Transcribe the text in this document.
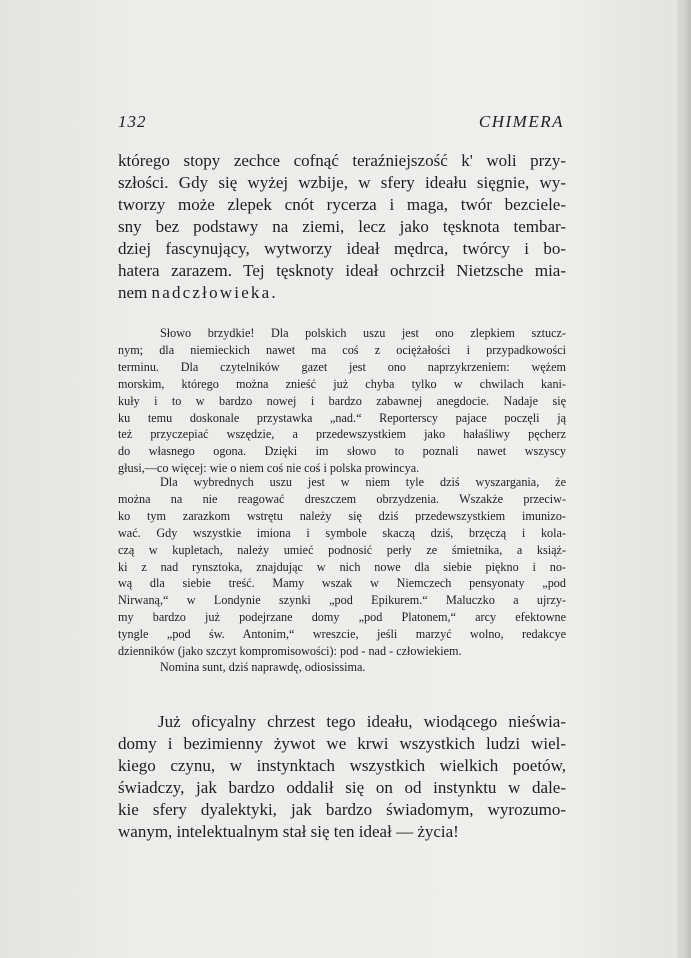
132	CHIMERA
którego stopy zechce cofnąć teraźniejszość k' woli przy-
szłości. Gdy się wyżej wzbije, w sfery ideału sięgnie, wy-
tworzy może zlepek cnót rycerza i maga, twór bezciele-
sny bez podstawy na ziemi, lecz jako tęsknota tembar-
dziej fascynujący, wytworzy ideał mędrca, twórcy i bo-
hatera zarazem. Tej tęsknoty ideał ochrzcił Nietzsche mia-
nem nadczłowieka.
Słowo brzydkie! Dla polskich uszu jest ono zlepkiem sztucz-
nym; dla niemieckich nawet ma coś z ociężałości i przypadkowości
terminu. Dla czytelników gazet jest ono naprzykrzeniem: wężem
morskim, którego można znieść już chyba tylko w chwilach kani-
kuły i to w bardzo nowej i bardzo zabawnej anegdocie. Nadaje się
ku temu doskonale przystawka „nad.“ Reporterscy pajace poczęli ją
też przyczepiać wszędzie, a przedewszystkiem jako hałaśliwy pęcherz
do własnego ogona. Dzięki im słowo to poznali nawet wszyscy
głusi,—co więcej: wie o niem coś nie coś i polska prowincya.
Dla wybrednych uszu jest w niem tyle dziś wyszargania, że
można na nie reagować dreszczem obrzydzenia. Wszakże przeciw-
ko tym zarazkom wstrętu należy się dziś przedewszystkiem imunizo-
wać. Gdy wszystkie imiona i symbole skaczą dziś, brzęczą i kola-
czą w kupletach, należy umieć podnosić perły ze śmietnika, a książ-
ki z nad rynsztoka, znajdując w nich nowe dla siebie piękno i no-
wą dla siebie treść. Mamy wszak w Niemczech pensyonaty „pod
Nirwaną,“ w Londynie szynki „pod Epikurem.“ Maluczko a ujrzy-
my bardzo już podejrzane domy „pod Platonem,“ arcy efektowne
tyngle „pod św. Antonim,“ wreszcie, jeśli marzyć wolno, redakcye
dzienników (jako szczyt kompromisowości): pod - nad - człowiekiem.
Nomina sunt, dziś naprawdę, odiosissima.
Już oficyalny chrzest tego ideału, wiodącego nieświa-
domy i bezimienny żywot we krwi wszystkich ludzi wiel-
kiego czynu, w instynktach wszystkich wielkich poetów,
świadczy, jak bardzo oddalił się on od instynktu w dale-
kie sfery dyalektyki, jak bardzo świadomym, wyrozumo-
wanym, intelektualnym stał się ten ideał — życia!
